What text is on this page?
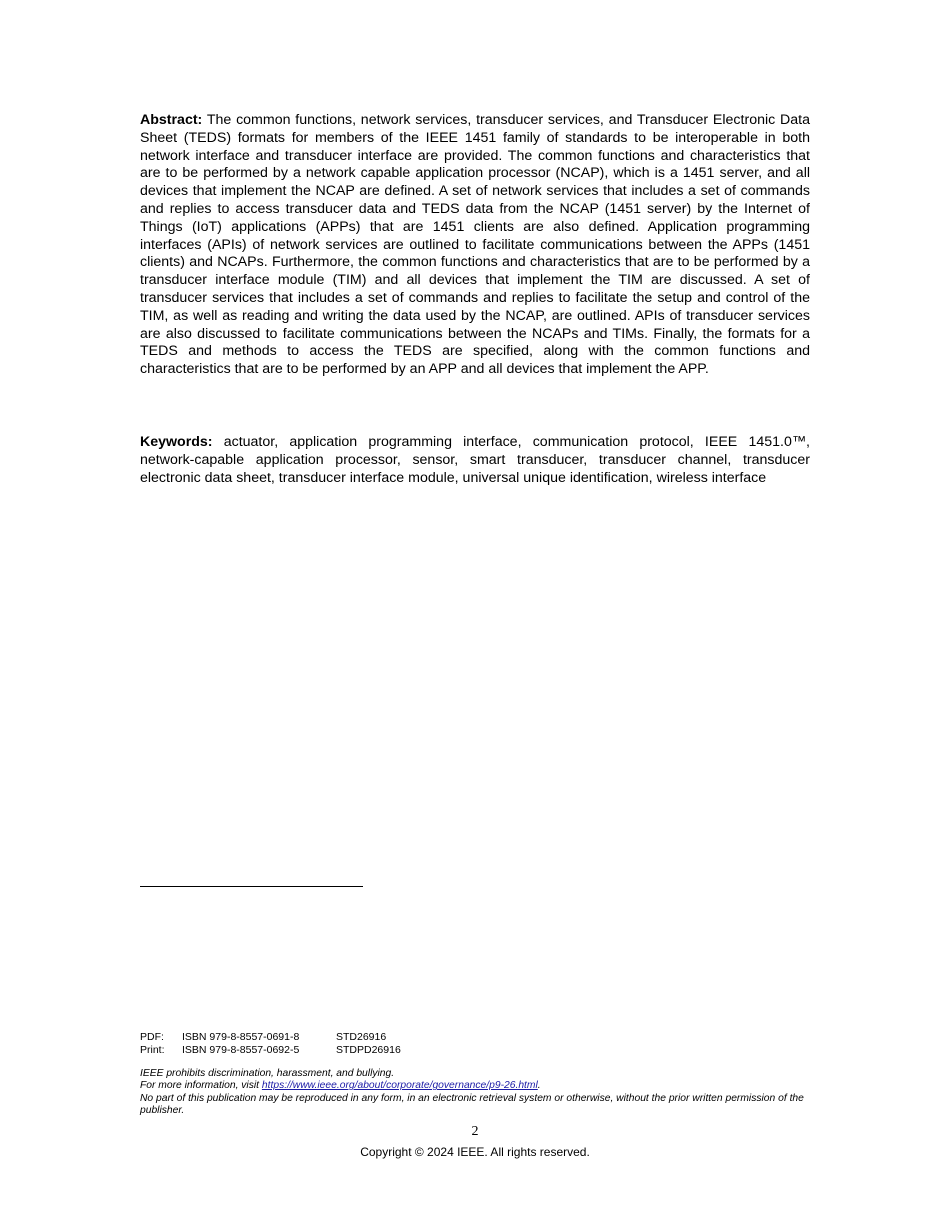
Abstract: The common functions, network services, transducer services, and Transducer Electronic Data Sheet (TEDS) formats for members of the IEEE 1451 family of standards to be interoperable in both network interface and transducer interface are provided. The common functions and characteristics that are to be performed by a network capable application processor (NCAP), which is a 1451 server, and all devices that implement the NCAP are defined. A set of network services that includes a set of commands and replies to access transducer data and TEDS data from the NCAP (1451 server) by the Internet of Things (IoT) applications (APPs) that are 1451 clients are also defined. Application programming interfaces (APIs) of network services are outlined to facilitate communications between the APPs (1451 clients) and NCAPs. Furthermore, the common functions and characteristics that are to be performed by a transducer interface module (TIM) and all devices that implement the TIM are discussed. A set of transducer services that includes a set of commands and replies to facilitate the setup and control of the TIM, as well as reading and writing the data used by the NCAP, are outlined. APIs of transducer services are also discussed to facilitate communications between the NCAPs and TIMs. Finally, the formats for a TEDS and methods to access the TEDS are specified, along with the common functions and characteristics that are to be performed by an APP and all devices that implement the APP.

Keywords: actuator, application programming interface, communication protocol, IEEE 1451.0™, network-capable application processor, sensor, smart transducer, transducer channel, transducer electronic data sheet, transducer interface module, universal unique identification, wireless interface

PDF:	ISBN 979-8-8557-0691-8	STD26916
Print:	ISBN 979-8-8557-0692-5	STDPD26916
IEEE prohibits discrimination, harassment, and bullying.
For more information, visit https://www.ieee.org/about/corporate/governance/p9-26.html.
No part of this publication may be reproduced in any form, in an electronic retrieval system or otherwise, without the prior written permission of the publisher.
2
Copyright © 2024 IEEE. All rights reserved.
